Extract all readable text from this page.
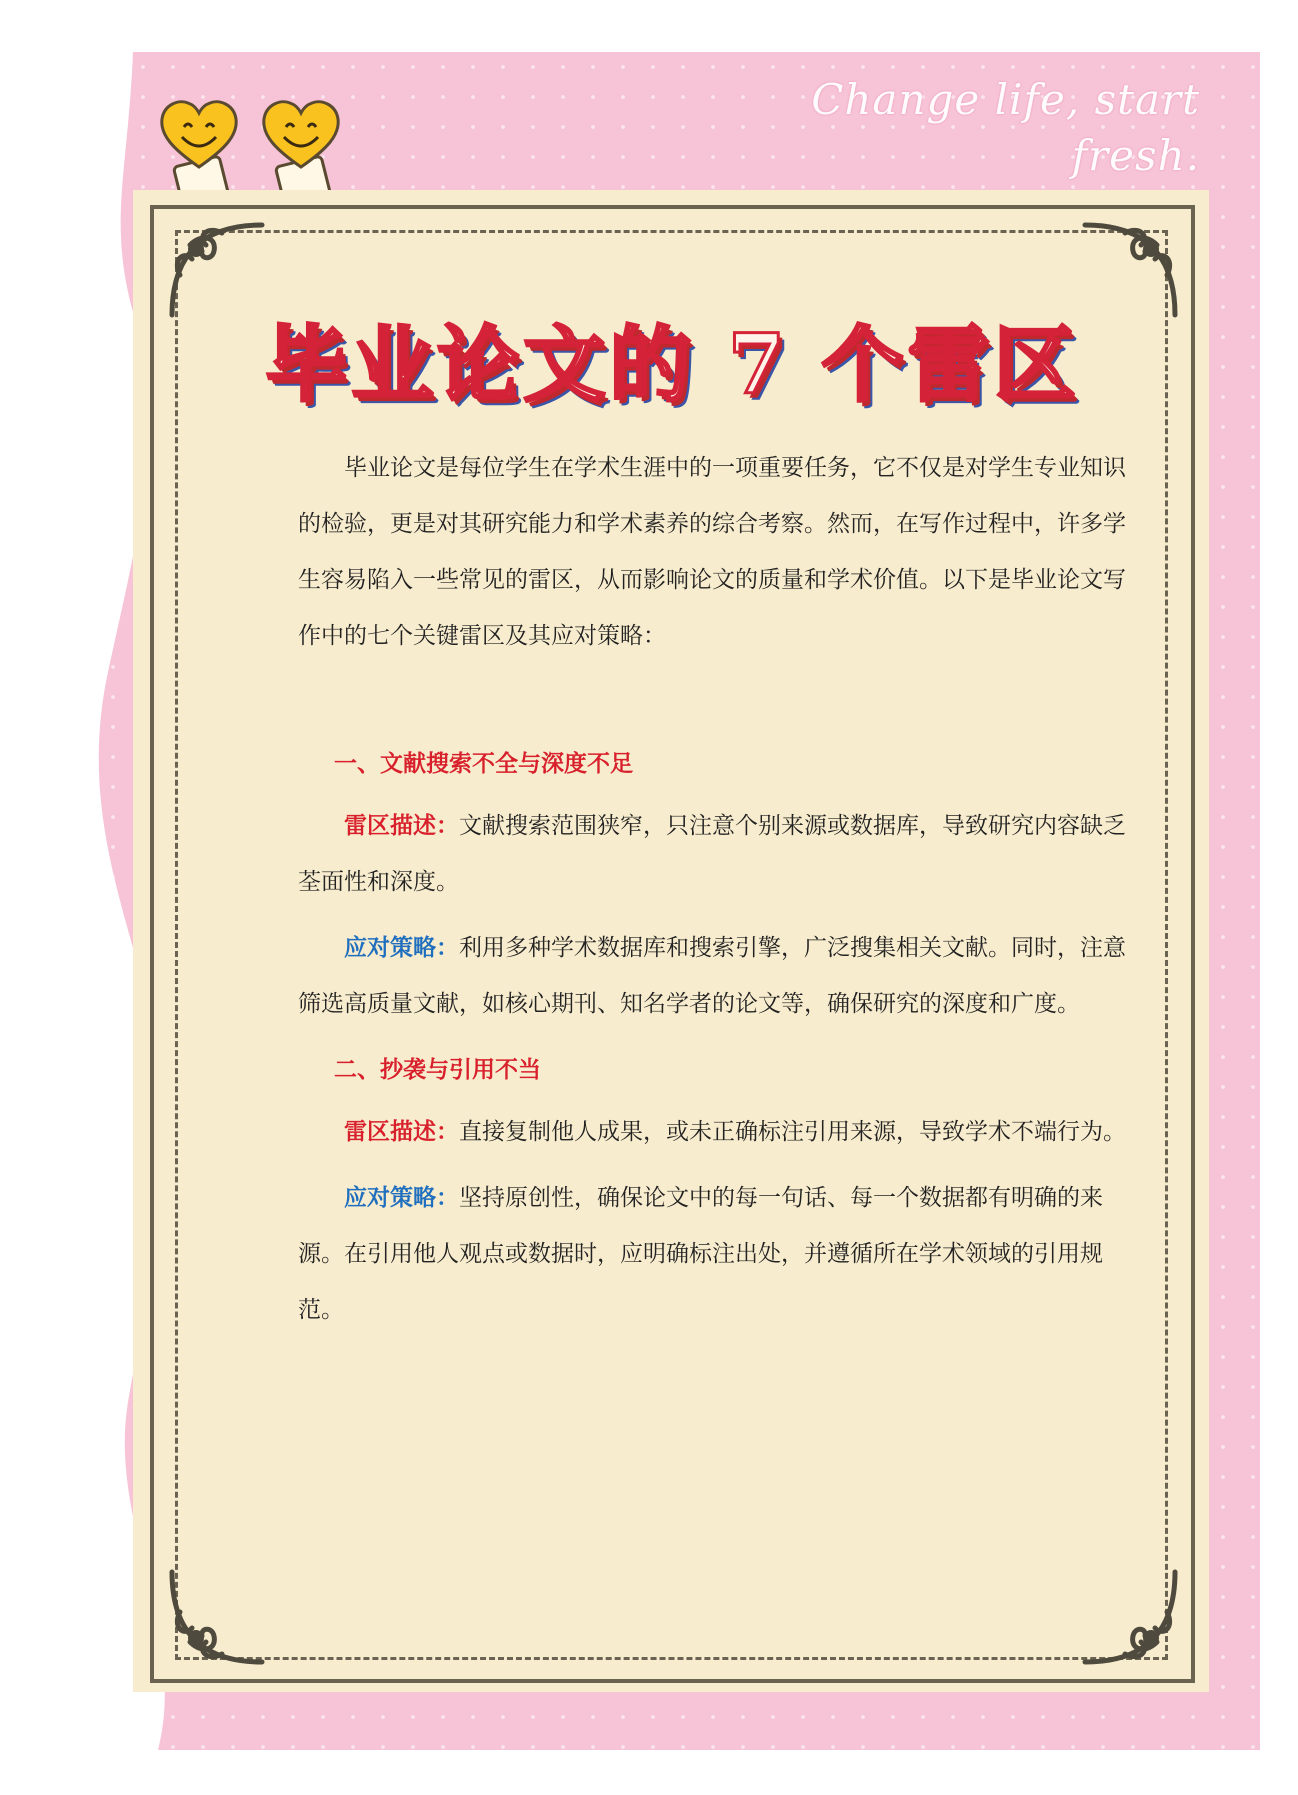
Change life, start fresh.
毕业论文的 7 个雷区

毕业论文是每位学生在学术生涯中的一项重要任务，它不仅是对学生专业知识的检验，更是对其研究能力和学术素养的综合考察。然而，在写作过程中，许多学生容易陷入一些常见的雷区，从而影响论文的质量和学术价值。以下是毕业论文写作中的七个关键雷区及其应对策略：

一、文献搜索不全与深度不足

雷区描述：文献搜索范围狭窄，只注意个别来源或数据库，导致研究内容缺乏荃面性和深度。

应对策略：利用多种学术数据库和搜索引擎，广泛搜集相关文献。同时，注意筛选高质量文献，如核心期刊、知名学者的论文等，确保研究的深度和广度。

二、抄袭与引用不当

雷区描述：直接复制他人成果，或未正确标注引用来源，导致学术不端行为。

应对策略：坚持原创性，确保论文中的每一句话、每一个数据都有明确的来源。在引用他人观点或数据时，应明确标注出处，并遵循所在学术领域的引用规范。
